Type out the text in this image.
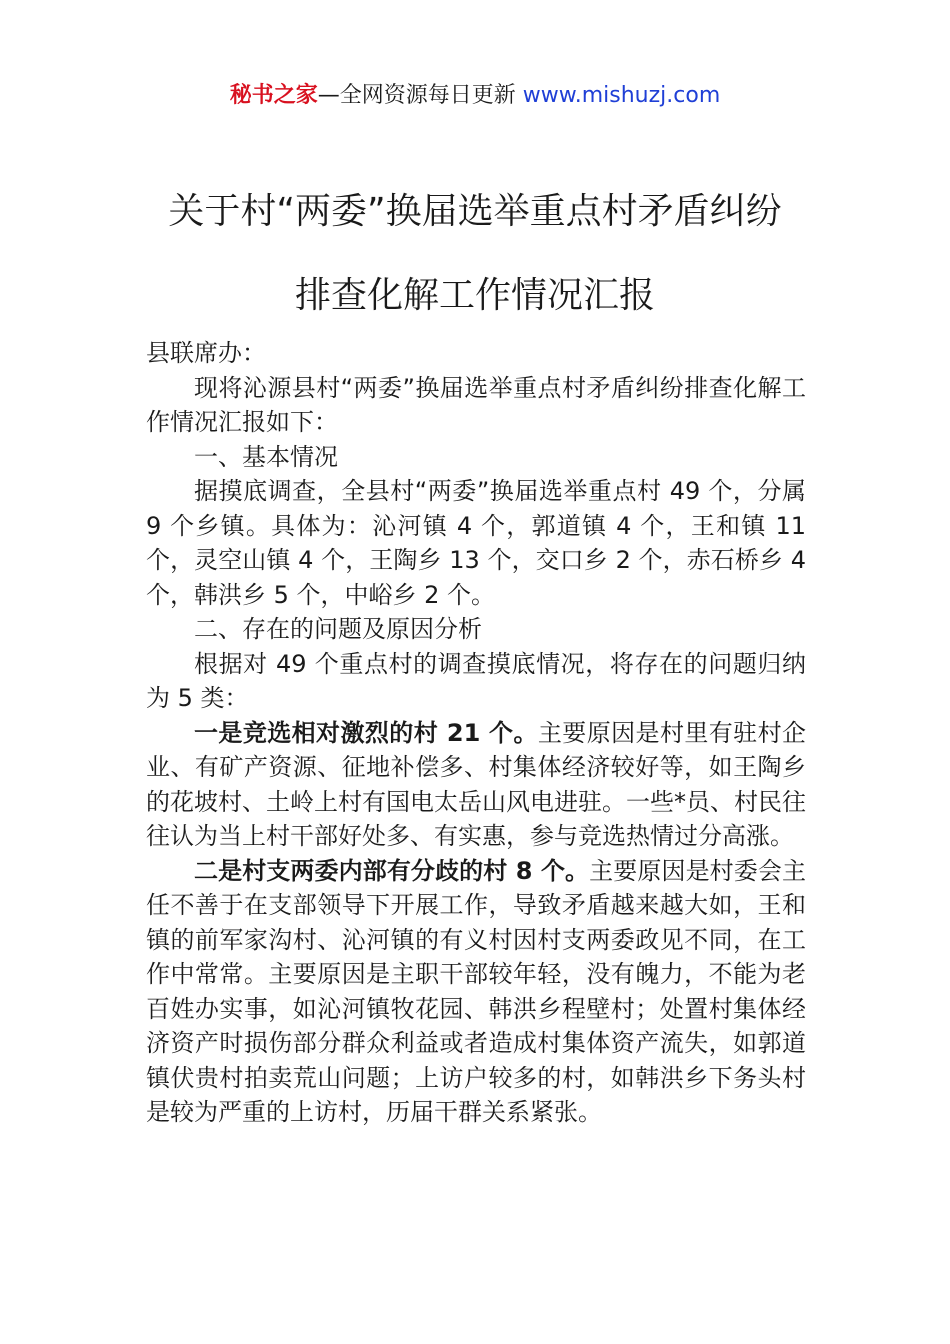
秘书之家—全网资源每日更新 www.mishuzj.com
关于村“两委”换届选举重点村矛盾纠纷
排查化解工作情况汇报

县联席办：

现将沁源县村“两委”换届选举重点村矛盾纠纷排查化解工作情况汇报如下：

一、基本情况

据摸底调查，全县村“两委”换届选举重点村 49 个，分属 9 个乡镇。具体为：沁河镇 4 个，郭道镇 4 个，王和镇 11 个，灵空山镇 4 个，王陶乡 13 个，交口乡 2 个，赤石桥乡 4 个，韩洪乡 5 个，中峪乡 2 个。

二、存在的问题及原因分析

根据对 49 个重点村的调查摸底情况，将存在的问题归纳为 5 类：

一是竞选相对激烈的村 21 个。主要原因是村里有驻村企业、有矿产资源、征地补偿多、村集体经济较好等，如王陶乡的花坡村、土岭上村有国电太岳山风电进驻。一些*员、村民往往认为当上村干部好处多、有实惠，参与竞选热情过分高涨。

二是村支两委内部有分歧的村 8 个。主要原因是村委会主任不善于在支部领导下开展工作，导致矛盾越来越大如，王和镇的前军家沟村、沁河镇的有义村因村支两委政见不同，在工作中常常。主要原因是主职干部较年轻，没有魄力，不能为老百姓办实事，如沁河镇牧花园、韩洪乡程壁村；处置村集体经济资产时损伤部分群众利益或者造成村集体资产流失，如郭道镇伏贵村拍卖荒山问题；上访户较多的村，如韩洪乡下务头村是较为严重的上访村，历届干群关系紧张。
